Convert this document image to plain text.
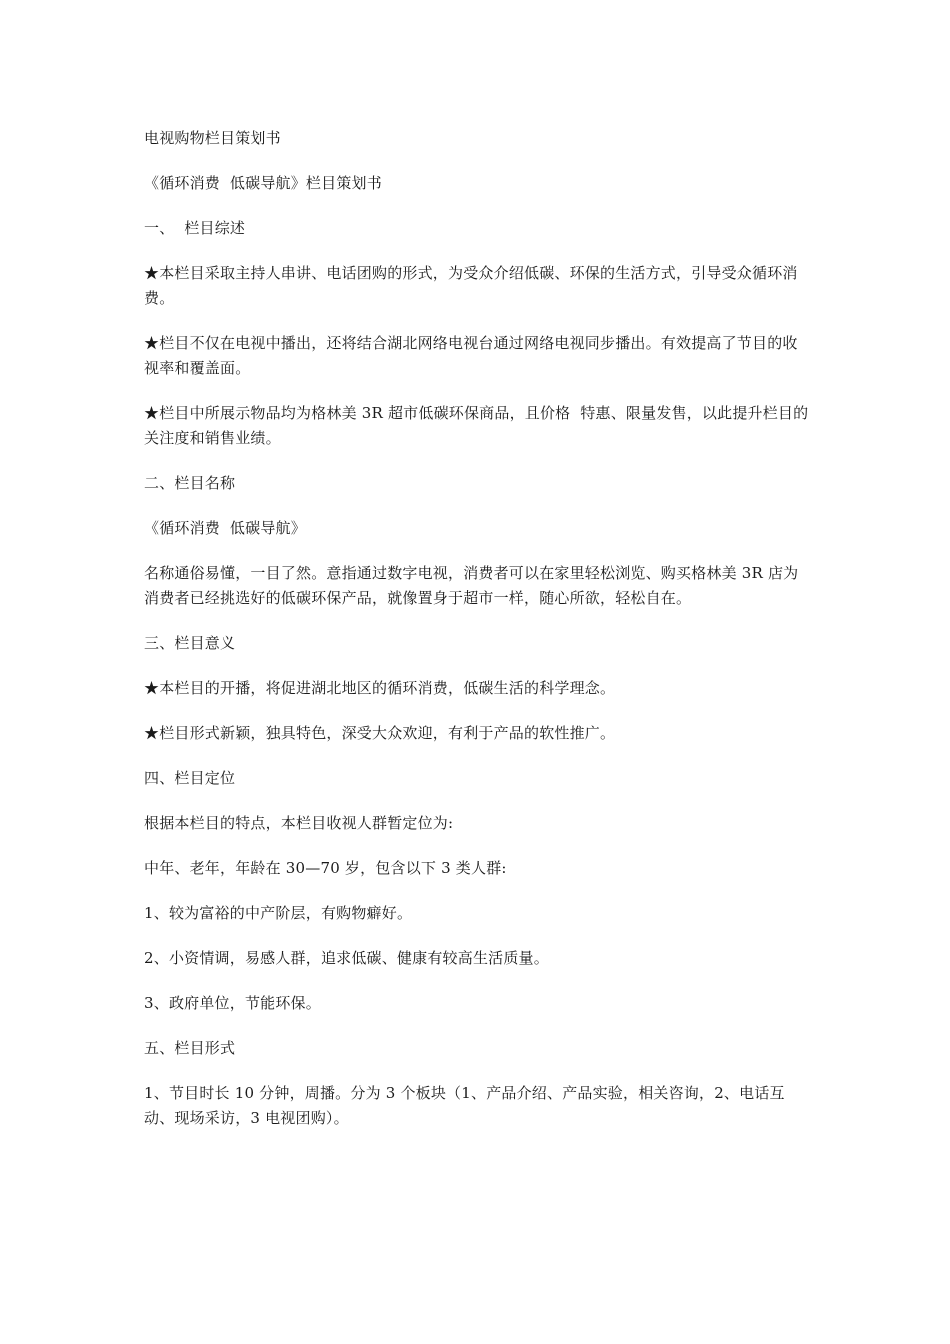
电视购物栏目策划书

《循环消费  低碳导航》栏目策划书

一、  栏目综述

★本栏目采取主持人串讲、电话团购的形式，为受众介绍低碳、环保的生活方式，引导受众循环消费。

★栏目不仅在电视中播出，还将结合湖北网络电视台通过网络电视同步播出。有效提高了节目的收视率和覆盖面。

★栏目中所展示物品均为格林美 3R 超市低碳环保商品，且价格  特惠、限量发售，以此提升栏目的关注度和销售业绩。

二、栏目名称

《循环消费  低碳导航》

名称通俗易懂，一目了然。意指通过数字电视，消费者可以在家里轻松浏览、购买格林美 3R 店为消费者已经挑选好的低碳环保产品，就像置身于超市一样，随心所欲，轻松自在。

三、栏目意义

★本栏目的开播，将促进湖北地区的循环消费，低碳生活的科学理念。

★栏目形式新颖，独具特色，深受大众欢迎，有利于产品的软性推广。

四、栏目定位

根据本栏目的特点，本栏目收视人群暂定位为:

中年、老年，年龄在 30—70 岁，包含以下 3 类人群:

1、较为富裕的中产阶层，有购物癖好。

2、小资情调，易感人群，追求低碳、健康有较高生活质量。

3、政府单位，节能环保。

五、栏目形式

1、节目时长 10 分钟，周播。分为 3 个板块（1、产品介绍、产品实验，相关咨询，2、电话互动、现场采访，3 电视团购）。
